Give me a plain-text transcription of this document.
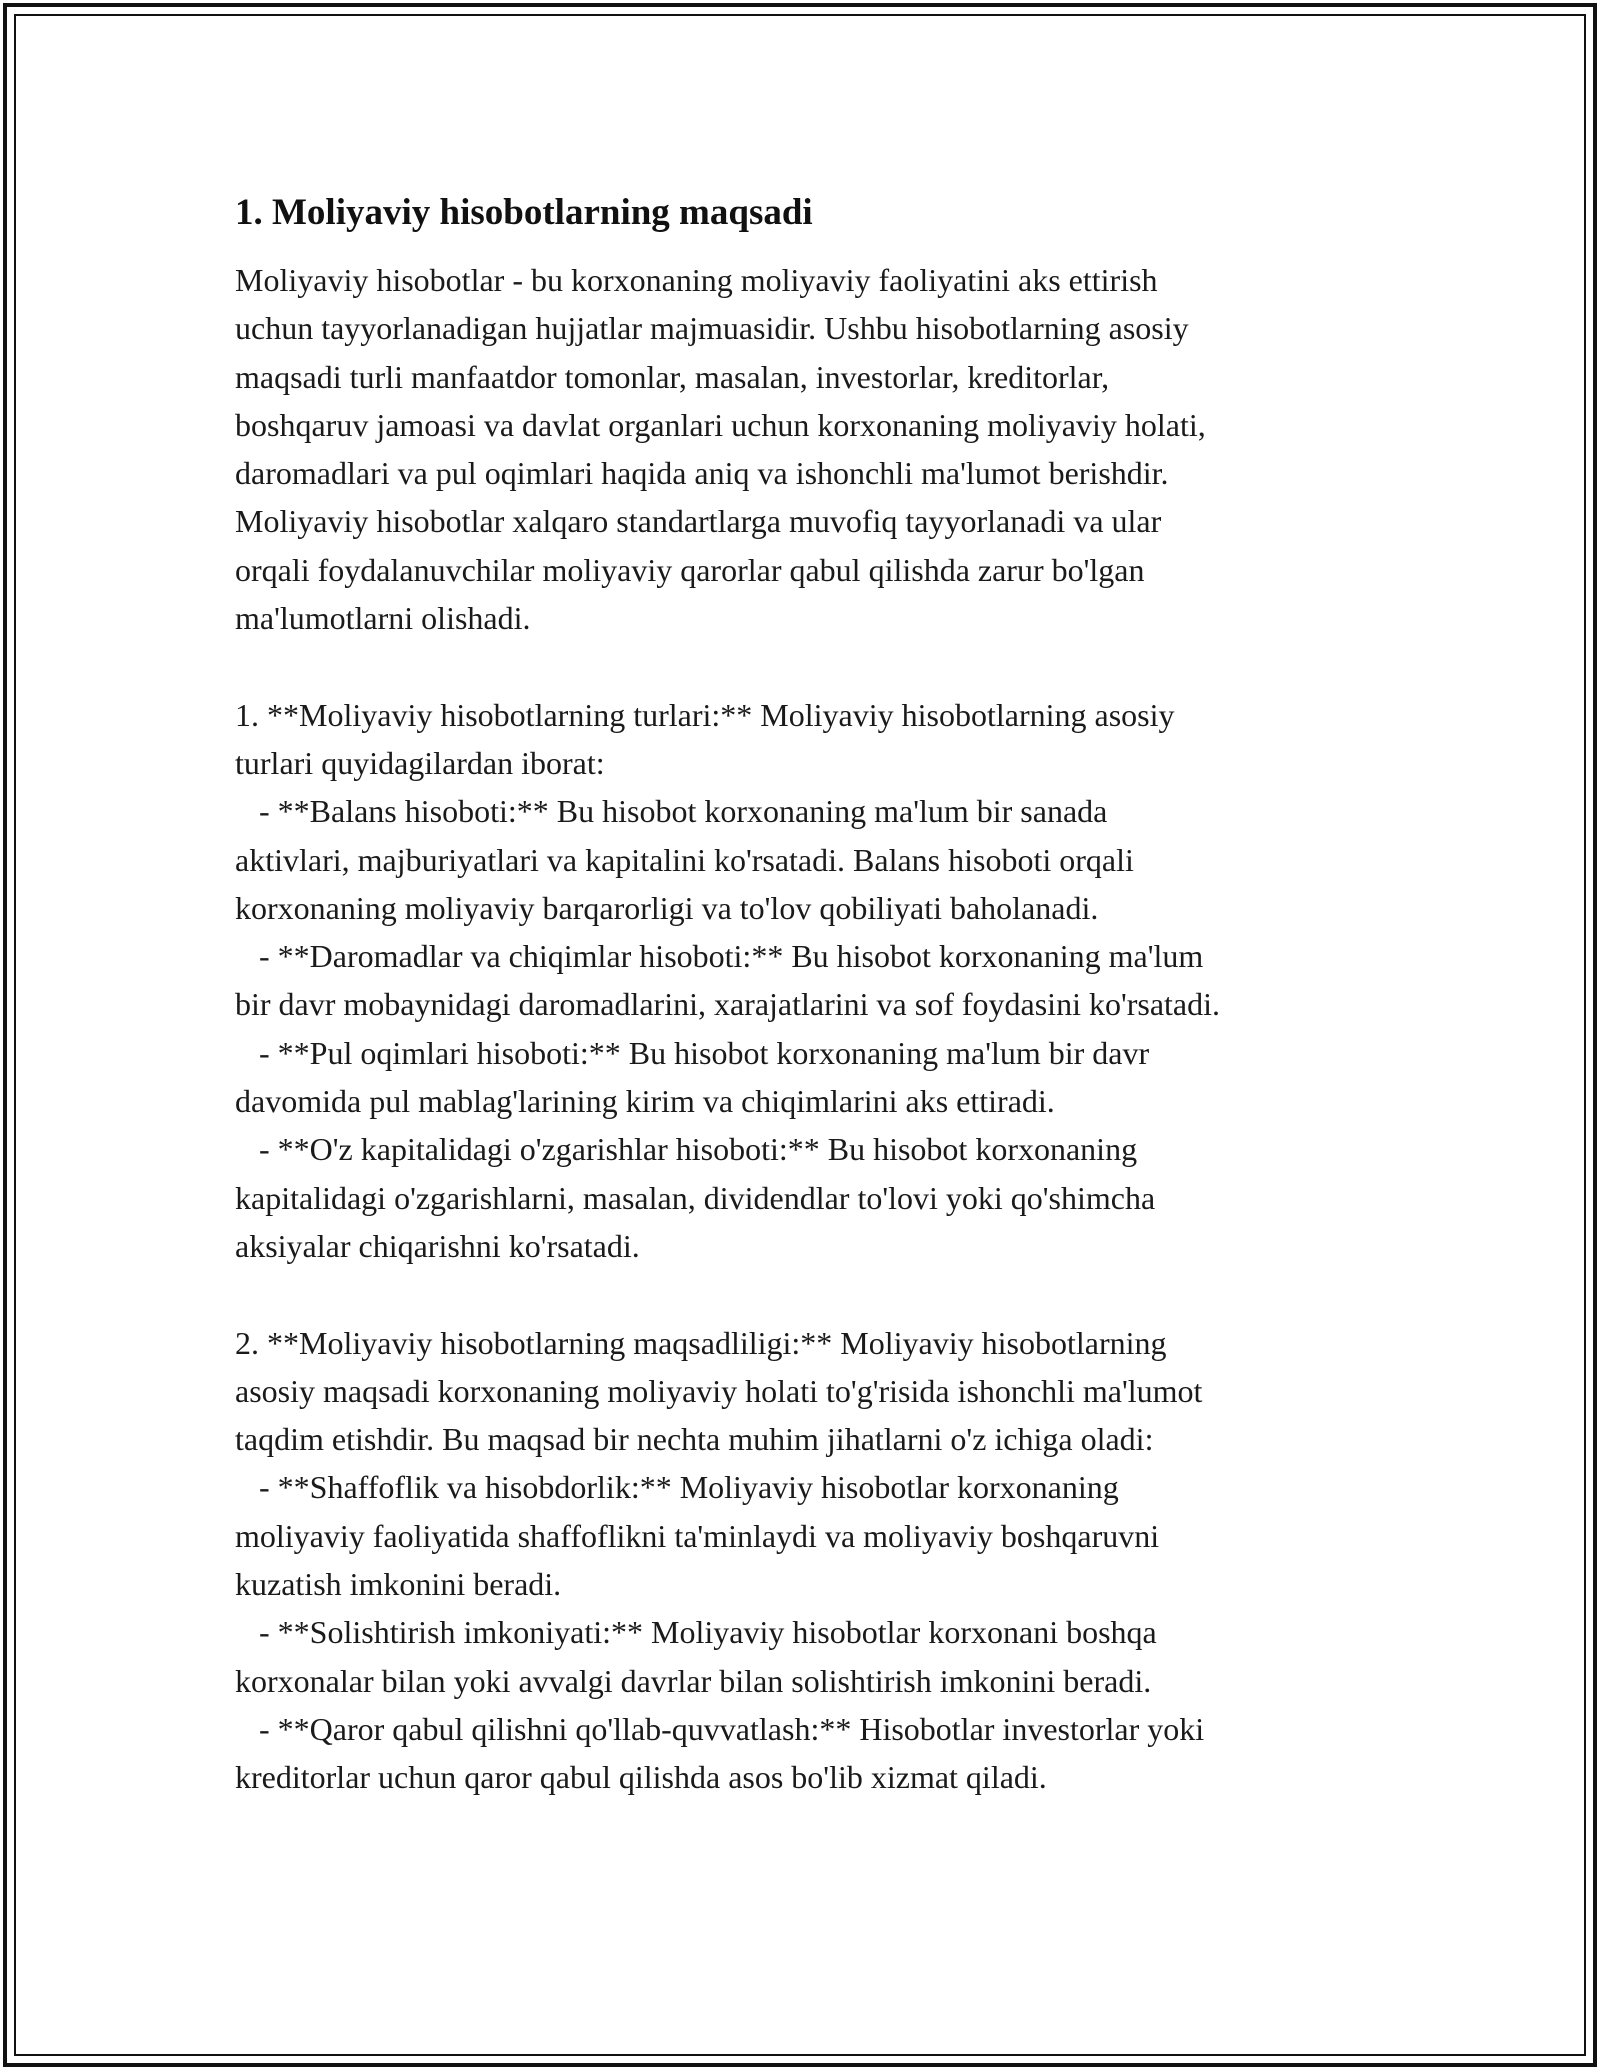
1. Moliyaviy hisobotlarning maqsadi

Moliyaviy hisobotlar - bu korxonaning moliyaviy faoliyatini aks ettirish

uchun tayyorlanadigan hujjatlar majmuasidir. Ushbu hisobotlarning asosiy

maqsadi turli manfaatdor tomonlar, masalan, investorlar, kreditorlar,

boshqaruv jamoasi va davlat organlari uchun korxonaning moliyaviy holati,

daromadlari va pul oqimlari haqida aniq va ishonchli ma'lumot berishdir.

Moliyaviy hisobotlar xalqaro standartlarga muvofiq tayyorlanadi va ular

orqali foydalanuvchilar moliyaviy qarorlar qabul qilishda zarur bo'lgan

ma'lumotlarni olishadi.

1. **Moliyaviy hisobotlarning turlari:** Moliyaviy hisobotlarning asosiy

turlari quyidagilardan iborat:

- **Balans hisoboti:** Bu hisobot korxonaning ma'lum bir sanada

aktivlari, majburiyatlari va kapitalini ko'rsatadi. Balans hisoboti orqali

korxonaning moliyaviy barqarorligi va to'lov qobiliyati baholanadi.

- **Daromadlar va chiqimlar hisoboti:** Bu hisobot korxonaning ma'lum

bir davr mobaynidagi daromadlarini, xarajatlarini va sof foydasini ko'rsatadi.

- **Pul oqimlari hisoboti:** Bu hisobot korxonaning ma'lum bir davr

davomida pul mablag'larining kirim va chiqimlarini aks ettiradi.

- **O'z kapitalidagi o'zgarishlar hisoboti:** Bu hisobot korxonaning

kapitalidagi o'zgarishlarni, masalan, dividendlar to'lovi yoki qo'shimcha

aksiyalar chiqarishni ko'rsatadi.

2. **Moliyaviy hisobotlarning maqsadliligi:** Moliyaviy hisobotlarning

asosiy maqsadi korxonaning moliyaviy holati to'g'risida ishonchli ma'lumot

taqdim etishdir. Bu maqsad bir nechta muhim jihatlarni o'z ichiga oladi:

- **Shaffoflik va hisobdorlik:** Moliyaviy hisobotlar korxonaning

moliyaviy faoliyatida shaffoflikni ta'minlaydi va moliyaviy boshqaruvni

kuzatish imkonini beradi.

- **Solishtirish imkoniyati:** Moliyaviy hisobotlar korxonani boshqa

korxonalar bilan yoki avvalgi davrlar bilan solishtirish imkonini beradi.

- **Qaror qabul qilishni qo'llab-quvvatlash:** Hisobotlar investorlar yoki

kreditorlar uchun qaror qabul qilishda asos bo'lib xizmat qiladi.
